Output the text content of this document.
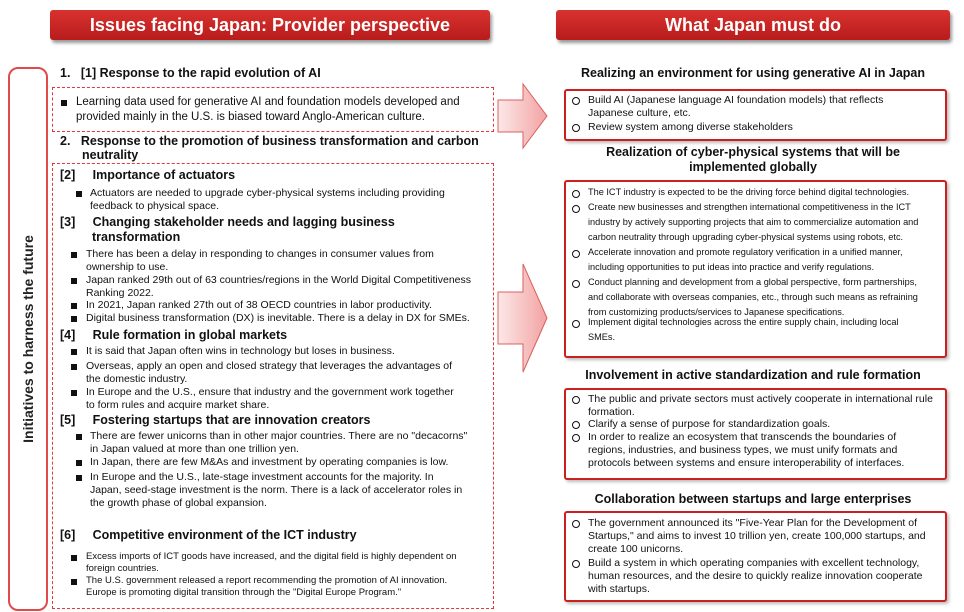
Issues facing Japan: Provider perspective	What Japan must do
Initiatives to harness the future
1.   [1] Response to the rapid evolution of AI
Learning data used for generative AI and foundation models developed and
provided mainly in the U.S. is biased toward Anglo-American culture.
2.   Response to the promotion of business transformation and carbon
neutrality
[2]     Importance of actuators
Actuators are needed to upgrade cyber-physical systems including providing
feedback to physical space.
[3]     Changing stakeholder needs and lagging business
transformation
There has been a delay in responding to changes in consumer values from
ownership to use.
Japan ranked 29th out of 63 countries/regions in the World Digital Competitiveness
Ranking 2022.
In 2021, Japan ranked 27th out of 38 OECD countries in labor productivity.
Digital business transformation (DX) is inevitable. There is a delay in DX for SMEs.
[4]     Rule formation in global markets
It is said that Japan often wins in technology but loses in business.
Overseas, apply an open and closed strategy that leverages the advantages of
the domestic industry.
In Europe and the U.S., ensure that industry and the government work together
to form rules and acquire market share.
[5]     Fostering startups that are innovation creators
There are fewer unicorns than in other major countries. There are no "decacorns"
in Japan valued at more than one trillion yen.
In Japan, there are few M&As and investment by operating companies is low.
In Europe and the U.S., late-stage investment accounts for the majority. In
Japan, seed-stage investment is the norm. There is a lack of accelerator roles in
the growth phase of global expansion.
[6]     Competitive environment of the ICT industry
Excess imports of ICT goods have increased, and the digital field is highly dependent on
foreign countries.
The U.S. government released a report recommending the promotion of AI innovation.
Europe is promoting digital transition through the "Digital Europe Program."
Realizing an environment for using generative AI in Japan
Build AI (Japanese language AI foundation models) that reflects
Japanese culture, etc.
Review system among diverse stakeholders
Realization of cyber-physical systems that will be
implemented globally
The ICT industry is expected to be the driving force behind digital technologies.
Create new businesses and strengthen international competitiveness in the ICT
industry by actively supporting projects that aim to commercialize automation and
carbon neutrality through upgrading cyber-physical systems using robots, etc.
Accelerate innovation and promote regulatory verification in a unified manner,
including opportunities to put ideas into practice and verify regulations.
Conduct planning and development from a global perspective, form partnerships,
and collaborate with overseas companies, etc., through such means as refraining
from customizing products/services to Japanese specifications.
Implement digital technologies across the entire supply chain, including local
SMEs.
Involvement in active standardization and rule formation
The public and private sectors must actively cooperate in international rule
formation.
Clarify a sense of purpose for standardization goals.
In order to realize an ecosystem that transcends the boundaries of
regions, industries, and business types, we must unify formats and
protocols between systems and ensure interoperability of interfaces.
Collaboration between startups and large enterprises
The government announced its "Five-Year Plan for the Development of
Startups," and aims to invest 10 trillion yen, create 100,000 startups, and
create 100 unicorns.
Build a system in which operating companies with excellent technology,
human resources, and the desire to quickly realize innovation cooperate
with startups.
